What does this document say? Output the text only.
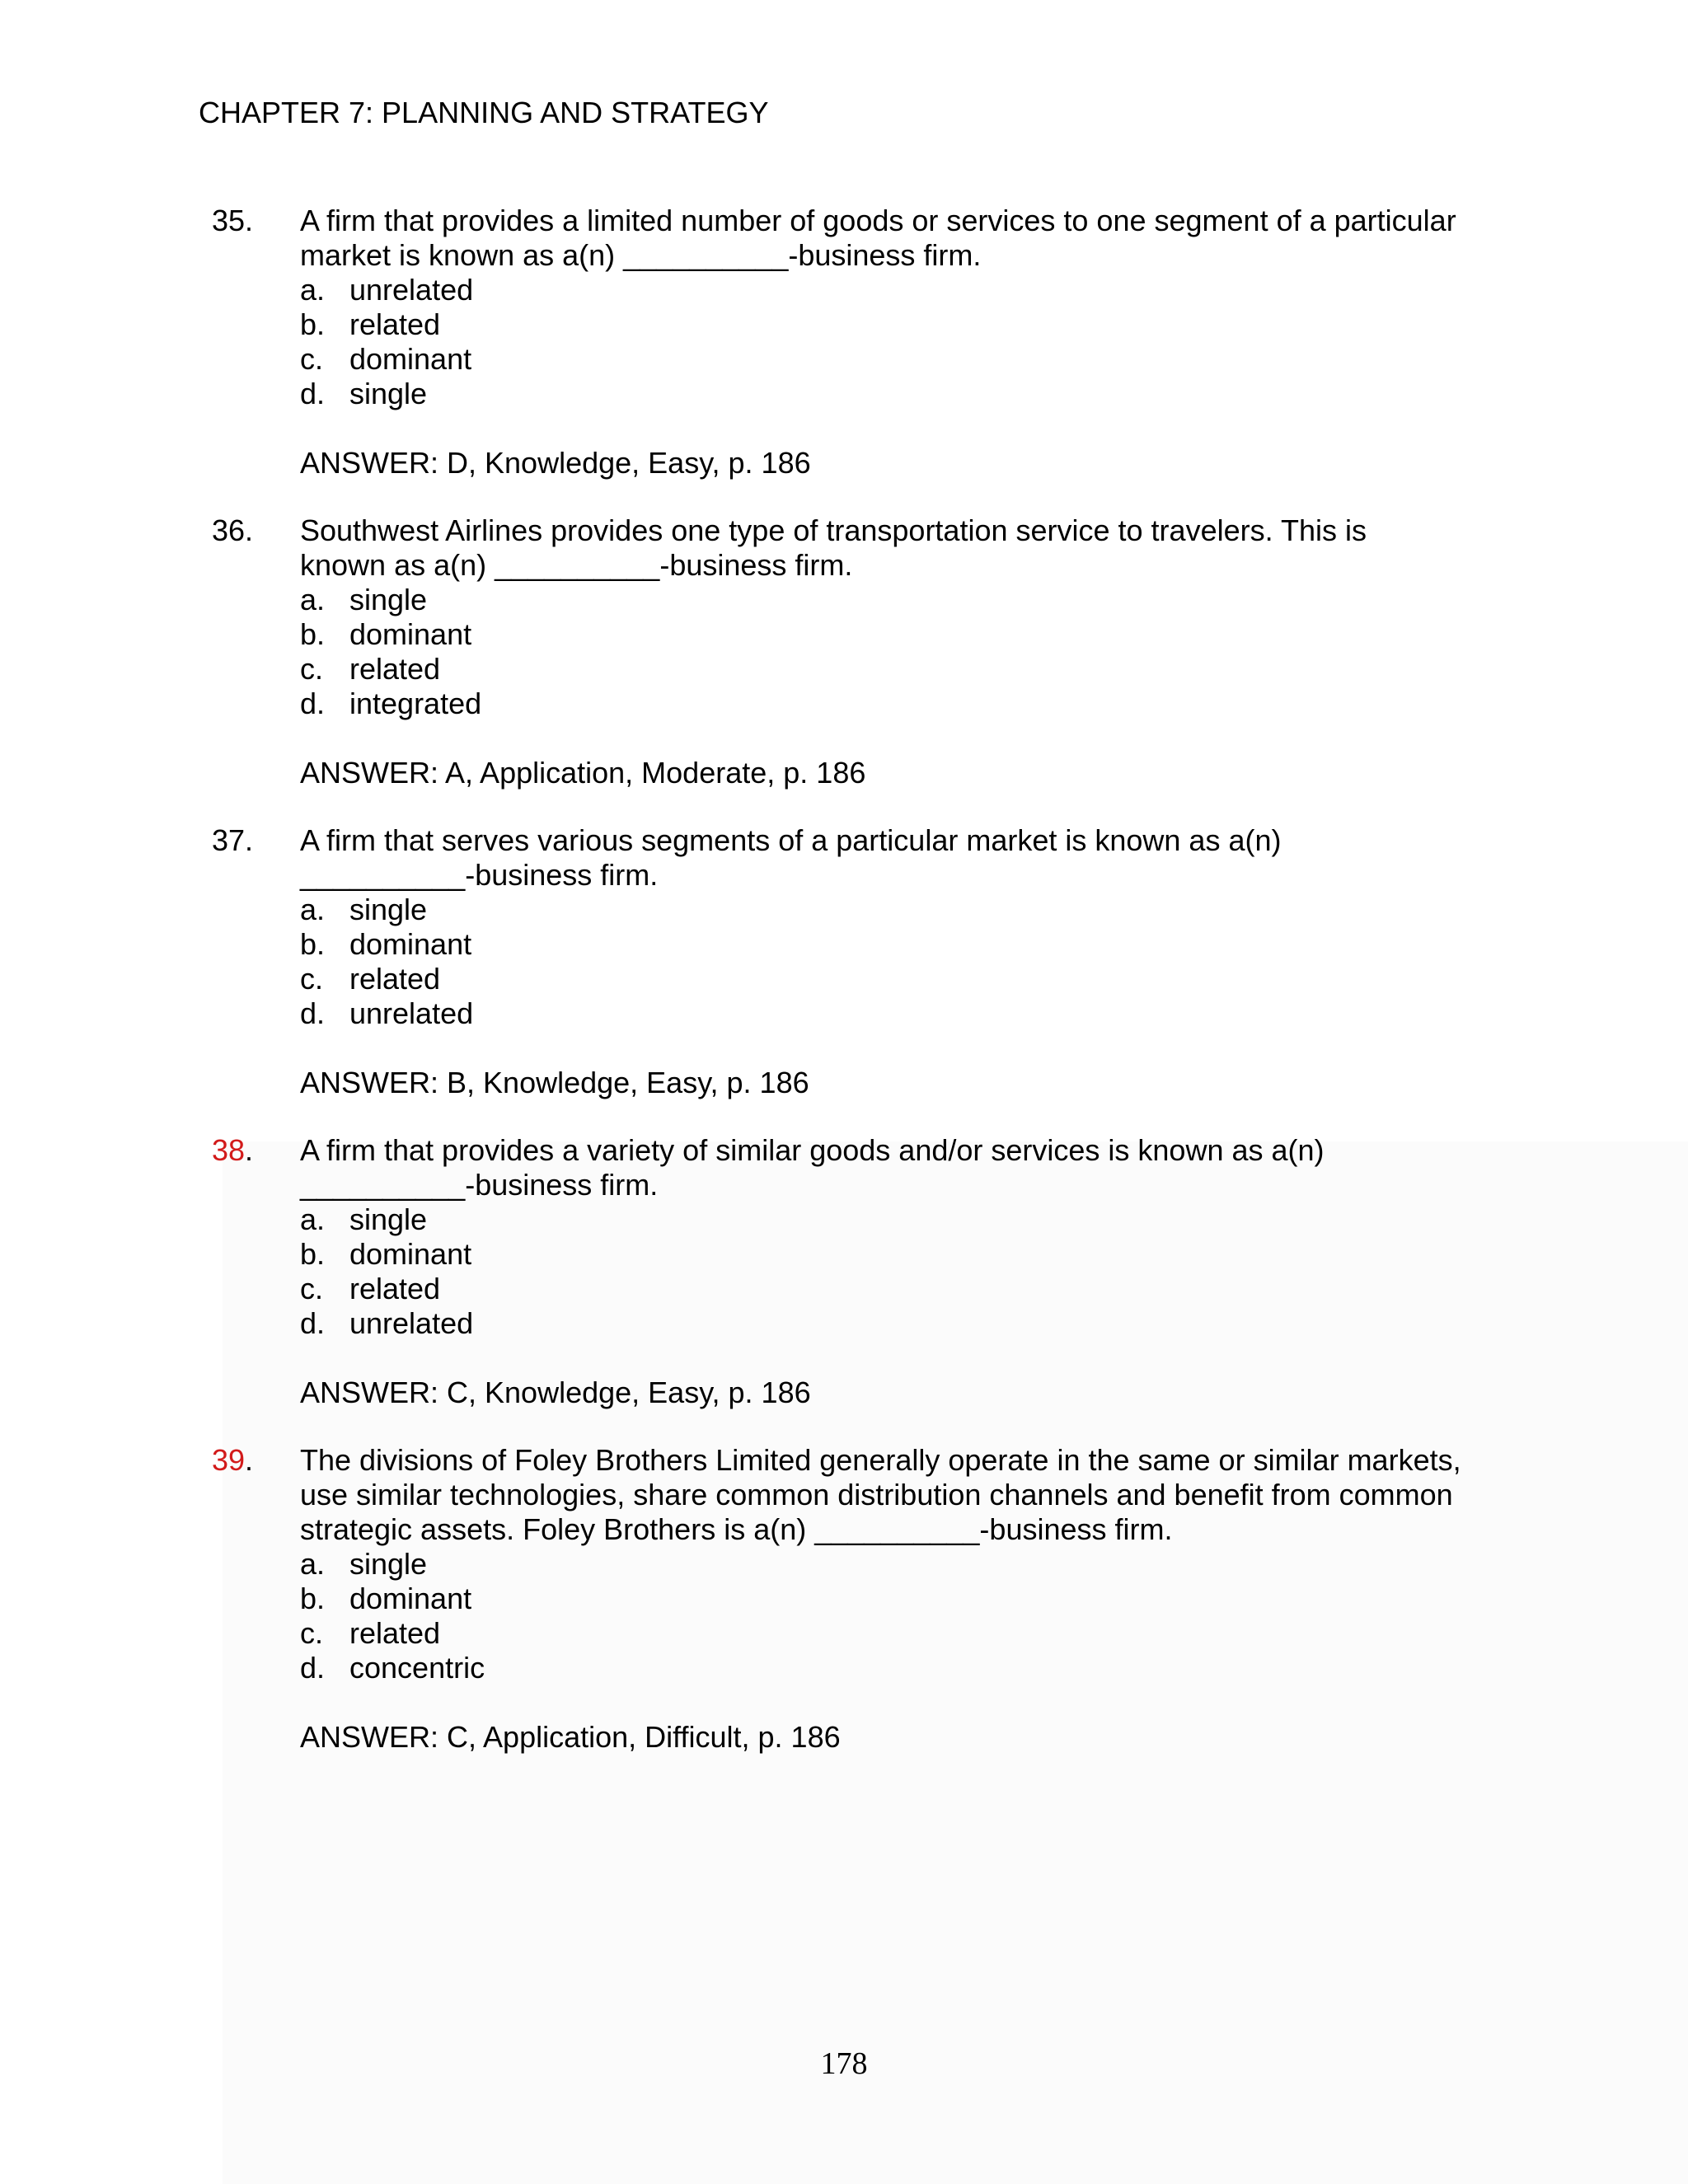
CHAPTER 7: PLANNING AND STRATEGY
35. A firm that provides a limited number of goods or services to one segment of a particular
market is known as a(n) __________-business firm.
a. unrelated
b. related
c. dominant
d. single
ANSWER: D, Knowledge, Easy, p. 186
36. Southwest Airlines provides one type of transportation service to travelers. This is
known as a(n) __________-business firm.
a. single
b. dominant
c. related
d. integrated
ANSWER: A, Application, Moderate, p. 186
37. A firm that serves various segments of a particular market is known as a(n)
__________-business firm.
a. single
b. dominant
c. related
d. unrelated
ANSWER: B, Knowledge, Easy, p. 186
38. A firm that provides a variety of similar goods and/or services is known as a(n)
__________-business firm.
a. single
b. dominant
c. related
d. unrelated
ANSWER: C, Knowledge, Easy, p. 186
39. The divisions of Foley Brothers Limited generally operate in the same or similar markets,
use similar technologies, share common distribution channels and benefit from common
strategic assets. Foley Brothers is a(n) __________-business firm.
a. single
b. dominant
c. related
d. concentric
ANSWER: C, Application, Difficult, p. 186
178
